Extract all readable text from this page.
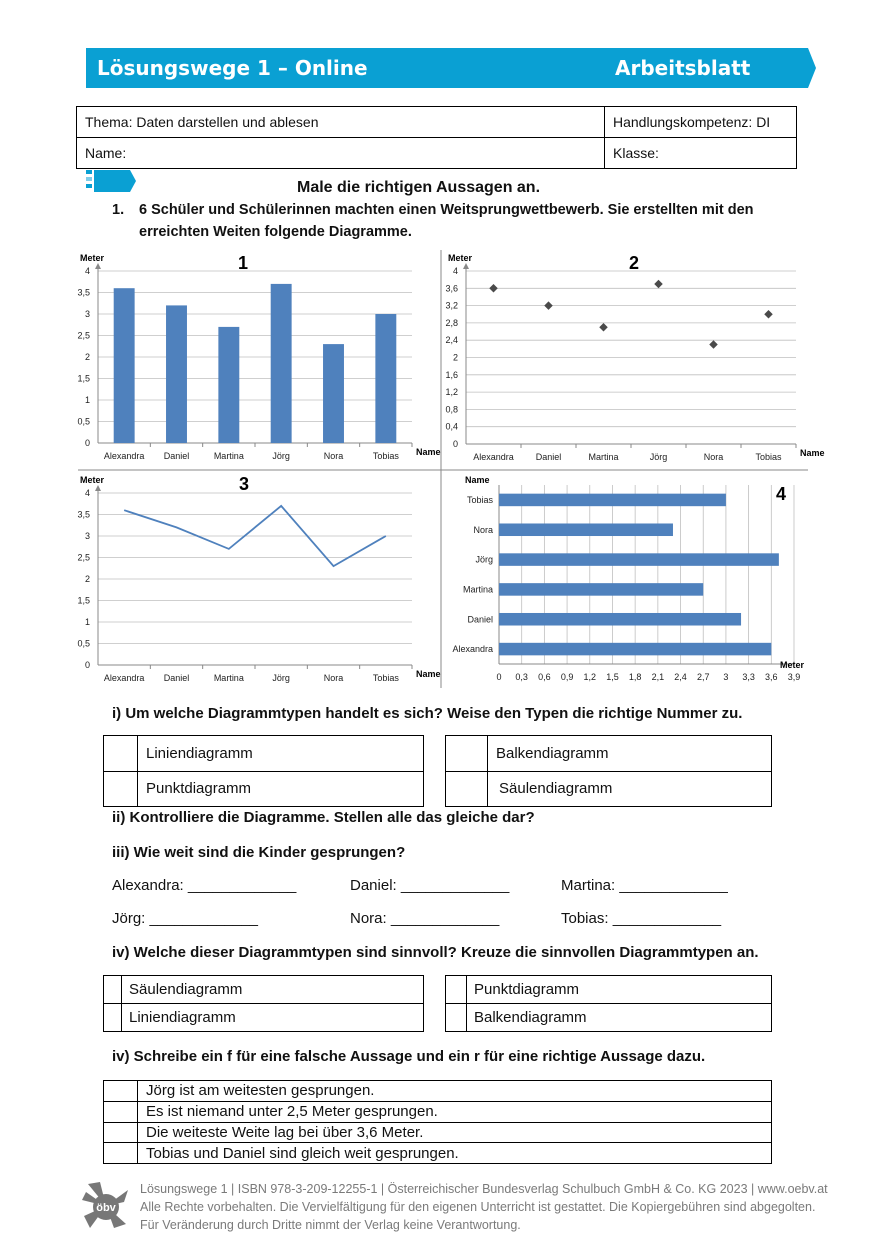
Lösungswege 1 – Online	Arbeitsblatt
Thema: Daten darstellen und ablesen	Handlungskompetenz: DI
Name:	Klasse:
Male die richtigen Aussagen an.
1. 6 Schüler und Schülerinnen machten einen Weitsprungwettbewerb. Sie erstellten mit den
erreichten Weiten folgende Diagramme.
0
0,5
1
1,5
2
2,5
3
3,5
4
Meter
Name
Alexandra Daniel	Martina	Jörg	Nora	Tobias
1
0
0,4
0,8
1,2
1,6
2
2,4
2,8
3,2
3,6
4
Meter
Name
Alexandra Daniel	Martina	Jörg	Nora	Tobias
2
0
0,5
1
1,5
2
2,5
3
3,5
4
Meter
Name
Alexandra Daniel	Martina	Jörg	Nora	Tobias
3
0 0,3 0,6 0,9 1,2 1,5 1,8 2,1 2,4 2,7 3 3,3 3,6 3,9
Name
Meter
Alexandra
Daniel
Martina
Jörg
Nora
Tobias	4
i) Um welche Diagrammtypen handelt es sich? Weise den Typen die richtige Nummer zu.
	Liniendiagramm
	Punktdiagramm
	Balkendiagramm
	Säulendiagramm
ii) Kontrolliere die Diagramme. Stellen alle das gleiche dar?
iii) Wie weit sind die Kinder gesprungen?
Alexandra: _____________	Daniel: _____________	Martina: _____________
Jörg: _____________	Nora: _____________	Tobias: _____________
iv) Welche dieser Diagrammtypen sind sinnvoll? Kreuze die sinnvollen Diagrammtypen an.
	Säulendiagramm
	Liniendiagramm
	Punktdiagramm
	Balkendiagramm
iv) Schreibe ein f für eine falsche Aussage und ein r für eine richtige Aussage dazu.
	Jörg ist am weitesten gesprungen.
	Es ist niemand unter 2,5 Meter gesprungen.
	Die weiteste Weite lag bei über 3,6 Meter.
	Tobias und Daniel sind gleich weit gesprungen.
öbv
Lösungswege 1 | ISBN 978-3-209-12255-1 | Österreichischer Bundesverlag Schulbuch GmbH & Co. KG 2023 | www.oebv.at
Alle Rechte vorbehalten. Die Vervielfältigung für den eigenen Unterricht ist gestattet. Die Kopiergebühren sind abgegolten.
Für Veränderung durch Dritte nimmt der Verlag keine Verantwortung.
